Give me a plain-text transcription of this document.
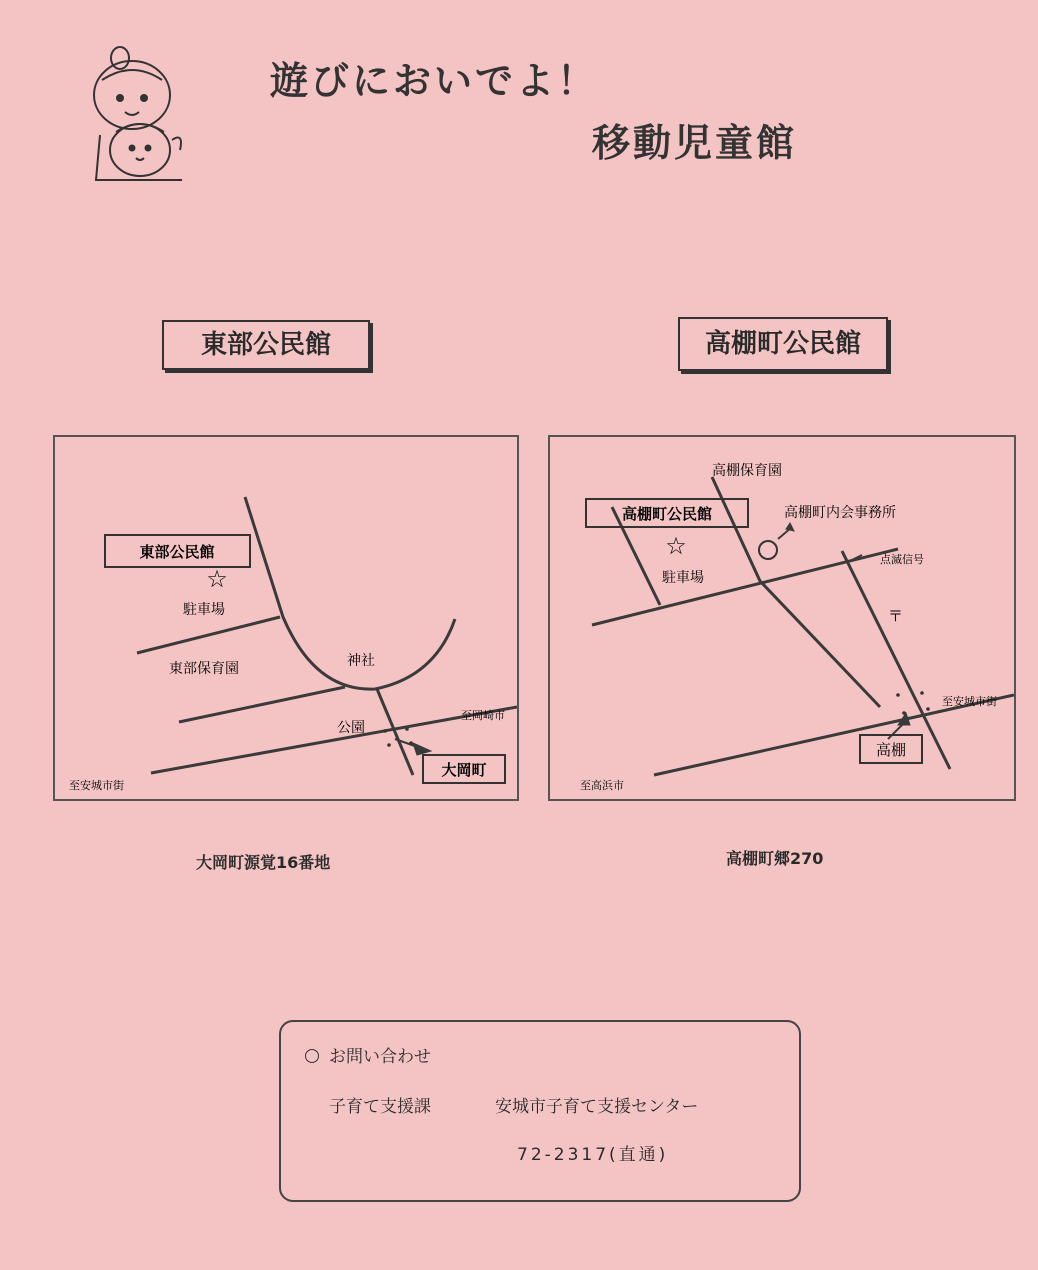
遊びにおいでよ！
移動児童館
東部公民館	高棚町公民館
東部公民館
☆
駐車場
東部保育園	神社
公園
至岡崎市
至安城市街
大岡町
高棚町公民館
☆
駐車場
高棚保育園
高棚町内会事務所
点滅信号
〒
至安城市街
至高浜市
高棚
大岡町源覚16番地	高棚町郷270
お問い合わせ
子育て支援課	安城市子育て支援センター
72-2317(直通)
